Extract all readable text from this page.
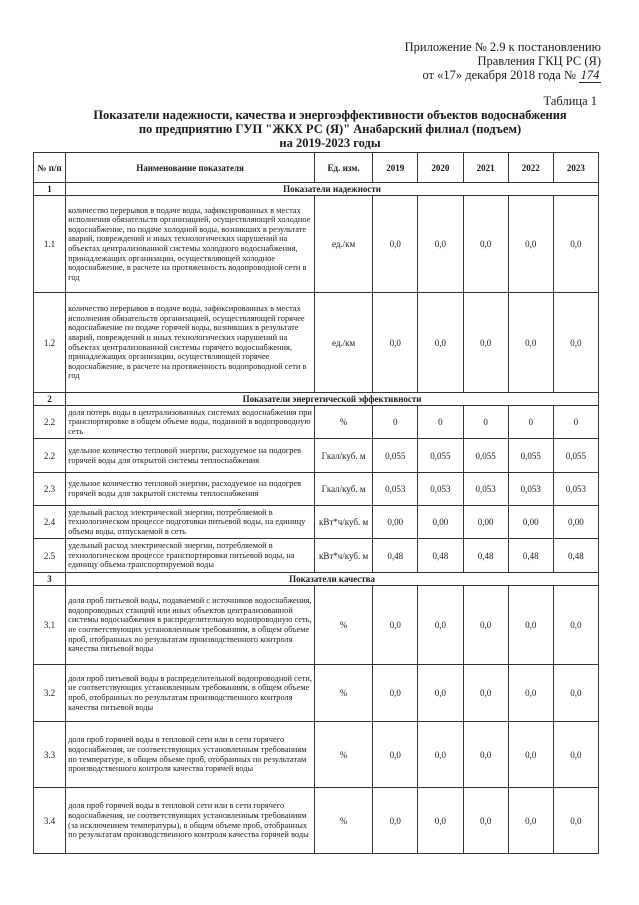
Приложение № 2.9 к постановлению
Правления ГКЦ РС (Я)
от «17» декабря 2018 года № 174
Таблица 1
Показатели надежности, качества и энергоэффективности объектов водоснабжения
по предприятию ГУП "ЖКХ РС (Я)" Анабарский филиал (подъем)
на 2019-2023 годы
№ п/п	Наименование показателя	Ед. изм.	2019	2020	2021	2022	2023
1	Показатели надежности						
1.1	количество перерывов в подаче воды, зафиксированных в местах исполнения обязательств организацией, осуществляющей холодное водоснабжение, по подаче холодной воды, возникших в результате аварий, повреждений и иных технологических нарушений на объектах централизованной системы холодного водоснабжения, принадлежащих организации, осуществляющей холодное водоснабжение, в расчете на протяженность водопроводной сети в год	ед./км	0,0	0,0	0,0	0,0	0,0
1.2	количество перерывов в подаче воды, зафиксированных в местах исполнения обязательств организацией, осуществляющей горячее водоснабжение по подаче горячей воды, возникших в результате аварий, повреждений и иных технологических нарушений на объектах централизованной системы горячего водоснабжения, принадлежащих организации, осуществляющей горячее водоснабжение, в расчете на протяженность водопроводной сети в год	ед./км	0,0	0,0	0,0	0,0	0,0
2	Показатели энергетической эффективности						
2.2	доля потерь воды в централизованных системах водоснабжения при транспортировке в общем объеме воды, поданной в водопроводную сеть	%	0	0	0	0	0
2.2	удельное количество тепловой энергии, расходуемое на подогрев горячей воды для открытой системы теплоснабжения	Гкал/куб. м	0,055	0,055	0,055	0,055	0,055
2.3	удельное количество тепловой энергии, расходуемое на подогрев горячей воды для закрытой системы теплоснабжения	Гкал/куб. м	0,053	0,053	0,053	0,053	0,053
2.4	удельный расход электрической энергии, потребляемой в технологическом процессе подготовки питьевой воды, на единицу объема воды, отпускаемой в сеть	кВт*ч/куб. м	0,00	0,00	0,00	0,00	0,00
2.5	удельный расход электрической энергии, потребляемой в технологическом процессе транспортировки питьевой воды, на единицу объема транспортируемой воды	кВт*ч/куб. м	0,48	0,48	0,48	0,48	0,48
3	Показатели качества						
3.1	доля проб питьевой воды, подаваемой с источников водоснабжения, водопроводных станций или иных объектов централизованной системы водоснабжения в распределительную водопроводную сеть, не соответствующих установленным требованиям, в общем объеме проб, отобранных по результатам производственного контроля качества питьевой воды	%	0,0	0,0	0,0	0,0	0,0
3.2	доля проб питьевой воды в распределительной водопроводной сети, не соответствующих установленным требованиям, в общем объеме проб, отобранных по результатам производственного контроля качества питьевой воды	%	0,0	0,0	0,0	0,0	0,0
3.3	доля проб горячей воды в тепловой сети или в сети горячего водоснабжения, не соответствующих установленным требованиям по температуре, в общем объеме проб, отобранных по результатам производственного контроля качества горячей воды	%	0,0	0,0	0,0	0,0	0,0
3.4	доля проб горячей воды в тепловой сети или в сети горячего водоснабжения, не соответствующих установленным требованиям (за исключением температуры), в общем объеме проб, отобранных по результатам производственного контроля качества горячей воды	%	0,0	0,0	0,0	0,0	0,0
